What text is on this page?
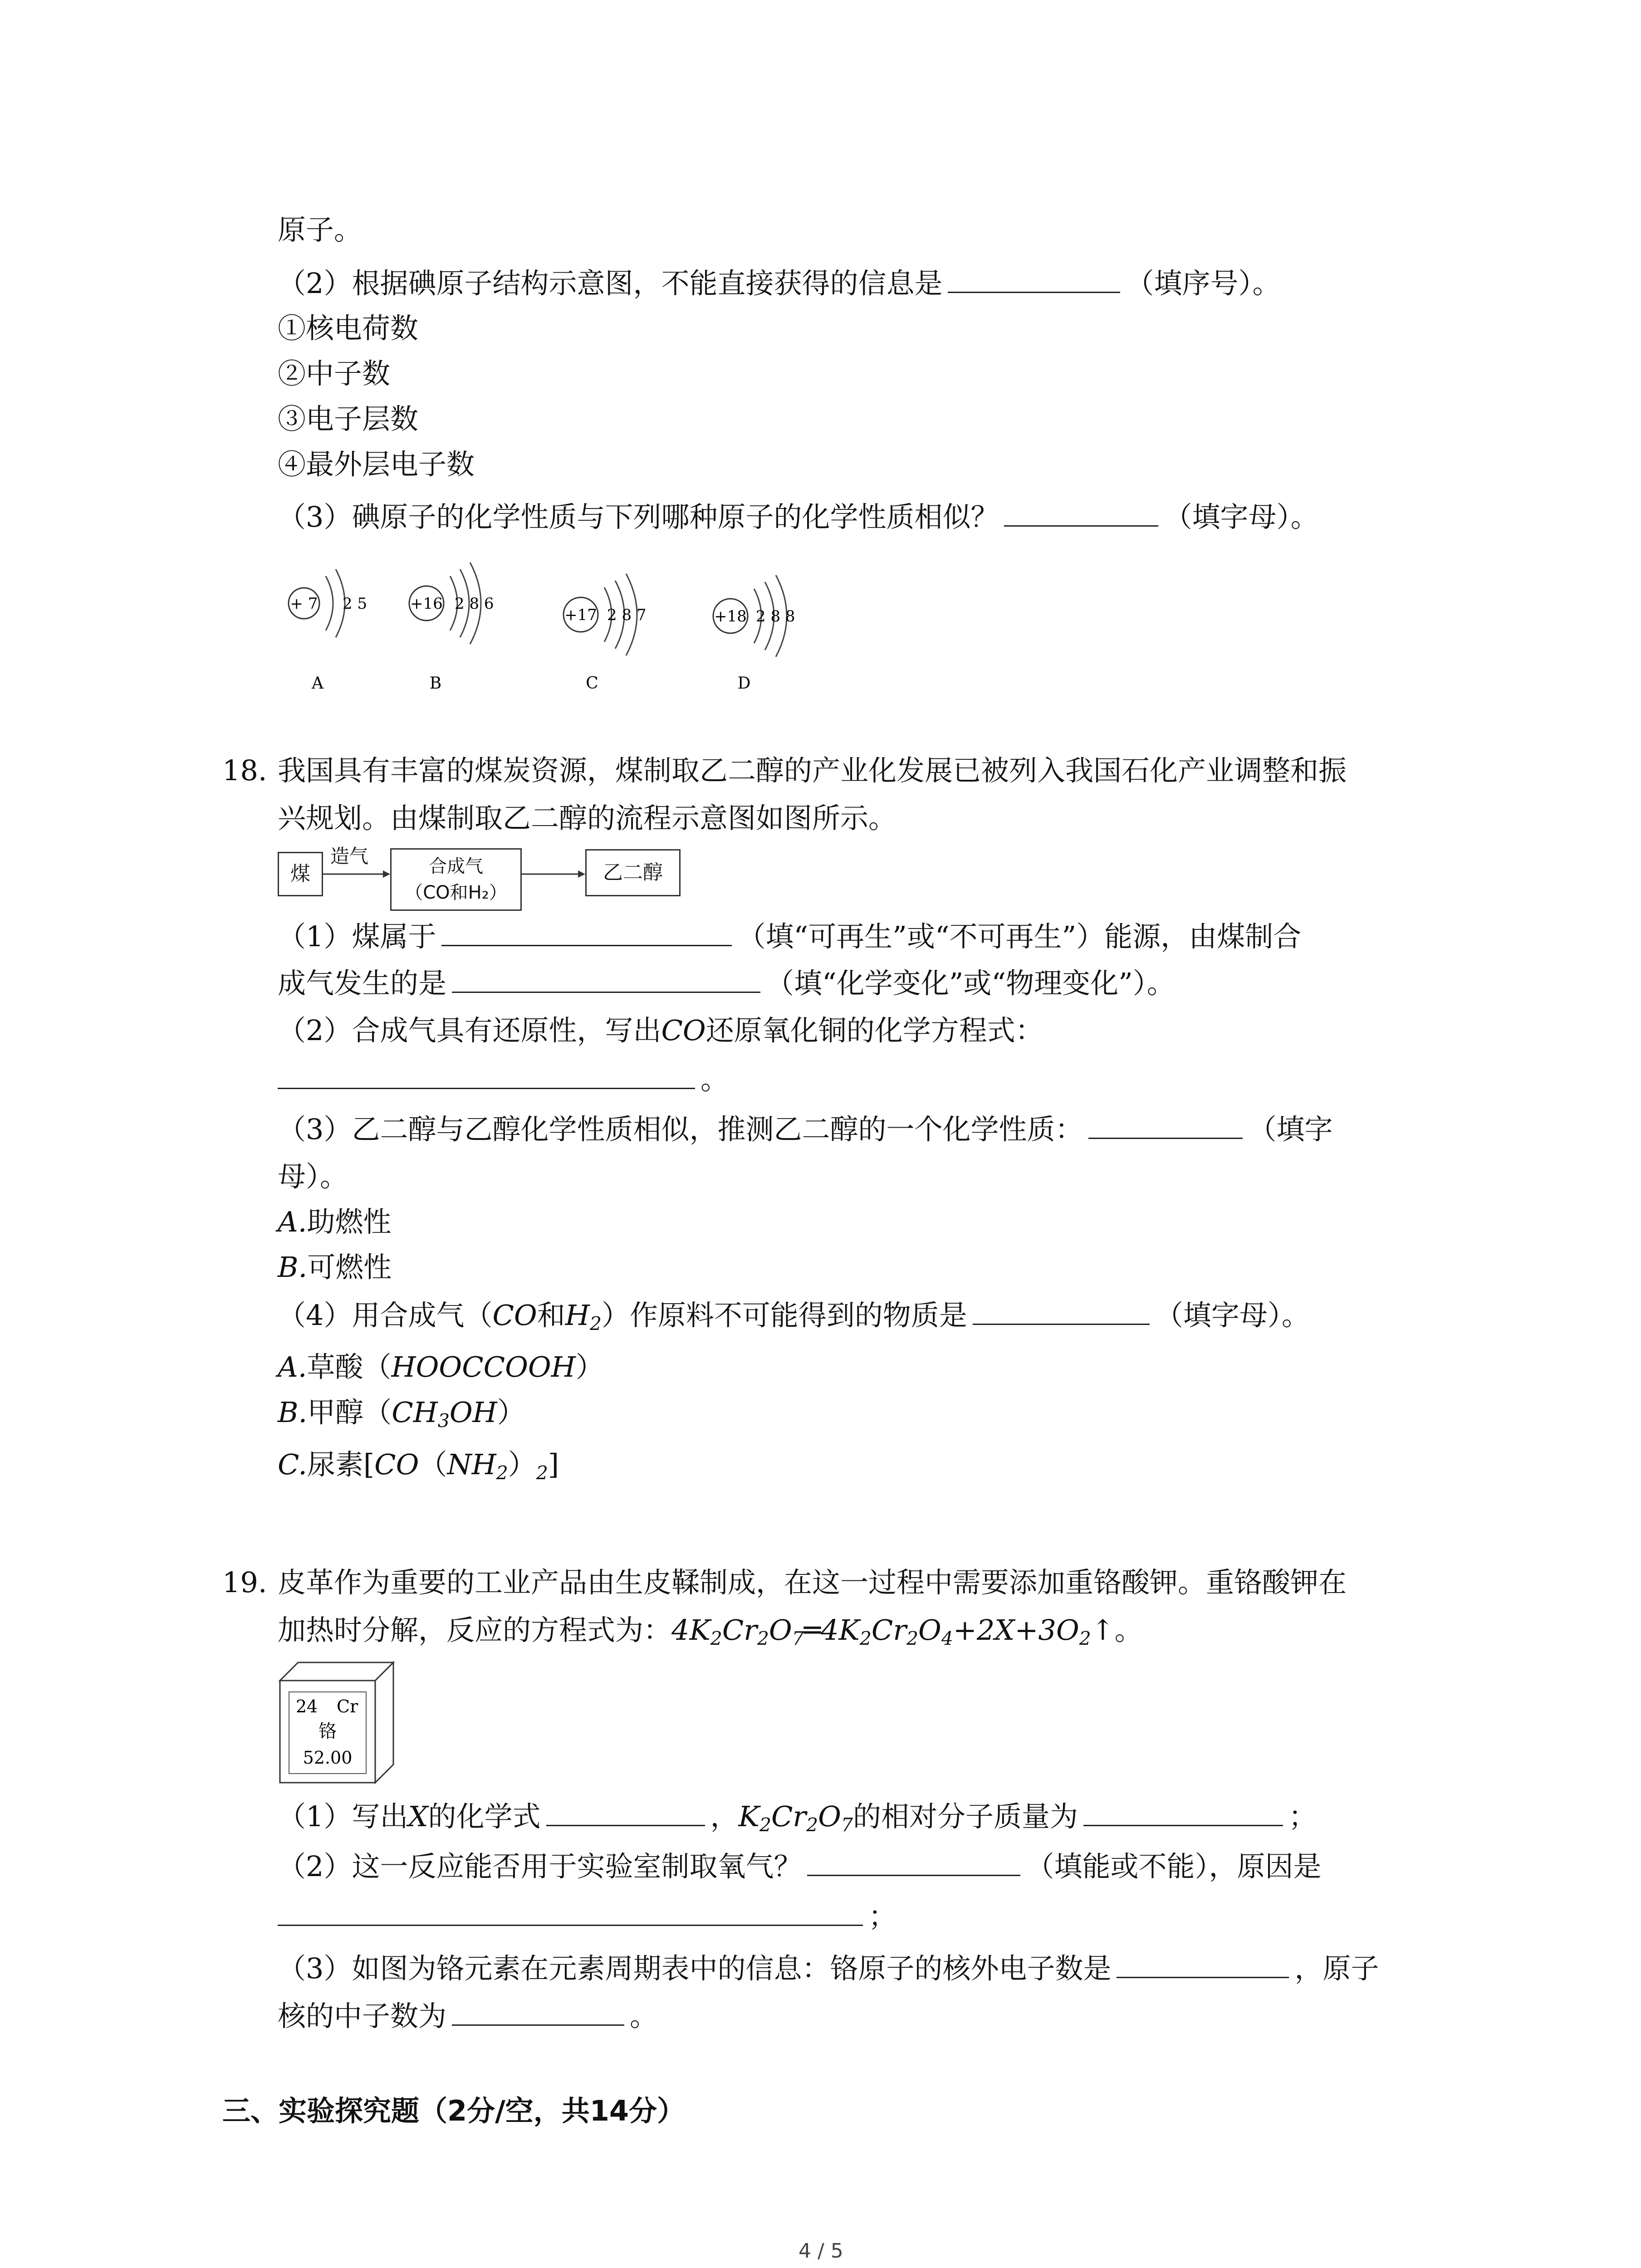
原子。
（2）根据碘原子结构示意图，不能直接获得的信息是	（填序号）。
①核电荷数
②中子数
③电子层数
④最外层电子数
（3）碘原子的化学性质与下列哪种原子的化学性质相似？	（填字母）。
+ 7 2 5
A
+16 2 8 6
B
+17 2 8 7
C
+18 2 8 8
D
18. 我国具有丰富的煤炭资源，煤制取乙二醇的产业化发展已被列入我国石化产业调整和振
兴规划。由煤制取乙二醇的流程示意图如图所示。
煤
造气	合成气
（CO和H₂）
乙二醇
（1）煤属于	（填“可再生”或“不可再生”）能源，由煤制合
成气发生的是	（填“化学变化”或“物理变化”）。
（2）合成气具有还原性，写出CO还原氧化铜的化学方程式：
。
（3）乙二醇与乙醇化学性质相似，推测乙二醇的一个化学性质：	（填字
母）。
A.助燃性
B.可燃性
（4）用合成气（CO和$H_2$）作原料不可能得到的物质是	（填字母）。
A.草酸（HOOCCOOH）
B.甲醇$(CH_3OH)$
C.尿素$[CO(NH_2)_2]$
19. 皮革作为重要的工业产品由生皮鞣制成，在这一过程中需要添加重铬酸钾。重铬酸钾在
加热时分解，反应的方程式为：$4K_2Cr_2O_7═4K_2Cr_2O_4+2X+3O_2↑$。
24 Cr
铬
52.00
（1）写出X的化学式	，$K_2Cr_2O_7$的相对分子质量为	；
（2）这一反应能否用于实验室制取氧气？	（填能或不能），原因是
；
（3）如图为铬元素在元素周期表中的信息：铬原子的核外电子数是	，原子
核的中子数为	。
三、实验探究题（2分/空，共14分）
4 / 5
